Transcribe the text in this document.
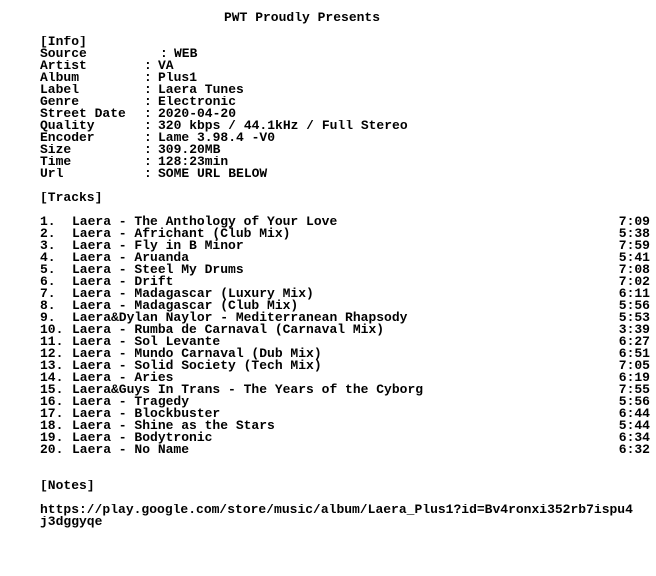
PWT Proudly Presents
[Info]
Source	: WEB
Artist	: VA
Album	: Plus1
Label	: Laera Tunes
Genre	: Electronic
Street Date : 2020-04-20
Quality	: 320 kbps / 44.1kHz / Full Stereo
Encoder	: Lame 3.98.4 -V0
Size	: 309.20MB
Time	: 128:23min
Url	: SOME URL BELOW
[Tracks]
1. Laera - The Anthology of Your Love	7:09
2. Laera - Africhant (Club Mix)	5:38
3. Laera - Fly in B Minor	7:59
4. Laera - Aruanda	5:41
5. Laera - Steel My Drums	7:08
6. Laera - Drift	7:02
7. Laera - Madagascar (Luxury Mix)	6:11
8. Laera - Madagascar (Club Mix)	5:56
9. Laera&Dylan Naylor - Mediterranean Rhapsody	5:53
10. Laera - Rumba de Carnaval (Carnaval Mix)	3:39
11. Laera - Sol Levante	6:27
12. Laera - Mundo Carnaval (Dub Mix)	6:51
13. Laera - Solid Society (Tech Mix)	7:05
14. Laera - Aries	6:19
15. Laera&Guys In Trans - The Years of the Cyborg	7:55
16. Laera - Tragedy	5:56
17. Laera - Blockbuster	6:44
18. Laera - Shine as the Stars	5:44
19. Laera - Bodytronic	6:34
20. Laera - No Name	6:32
[Notes]
https://play.google.com/store/music/album/Laera_Plus1?id=Bv4ronxi352rb7ispu4
j3dggyqe
